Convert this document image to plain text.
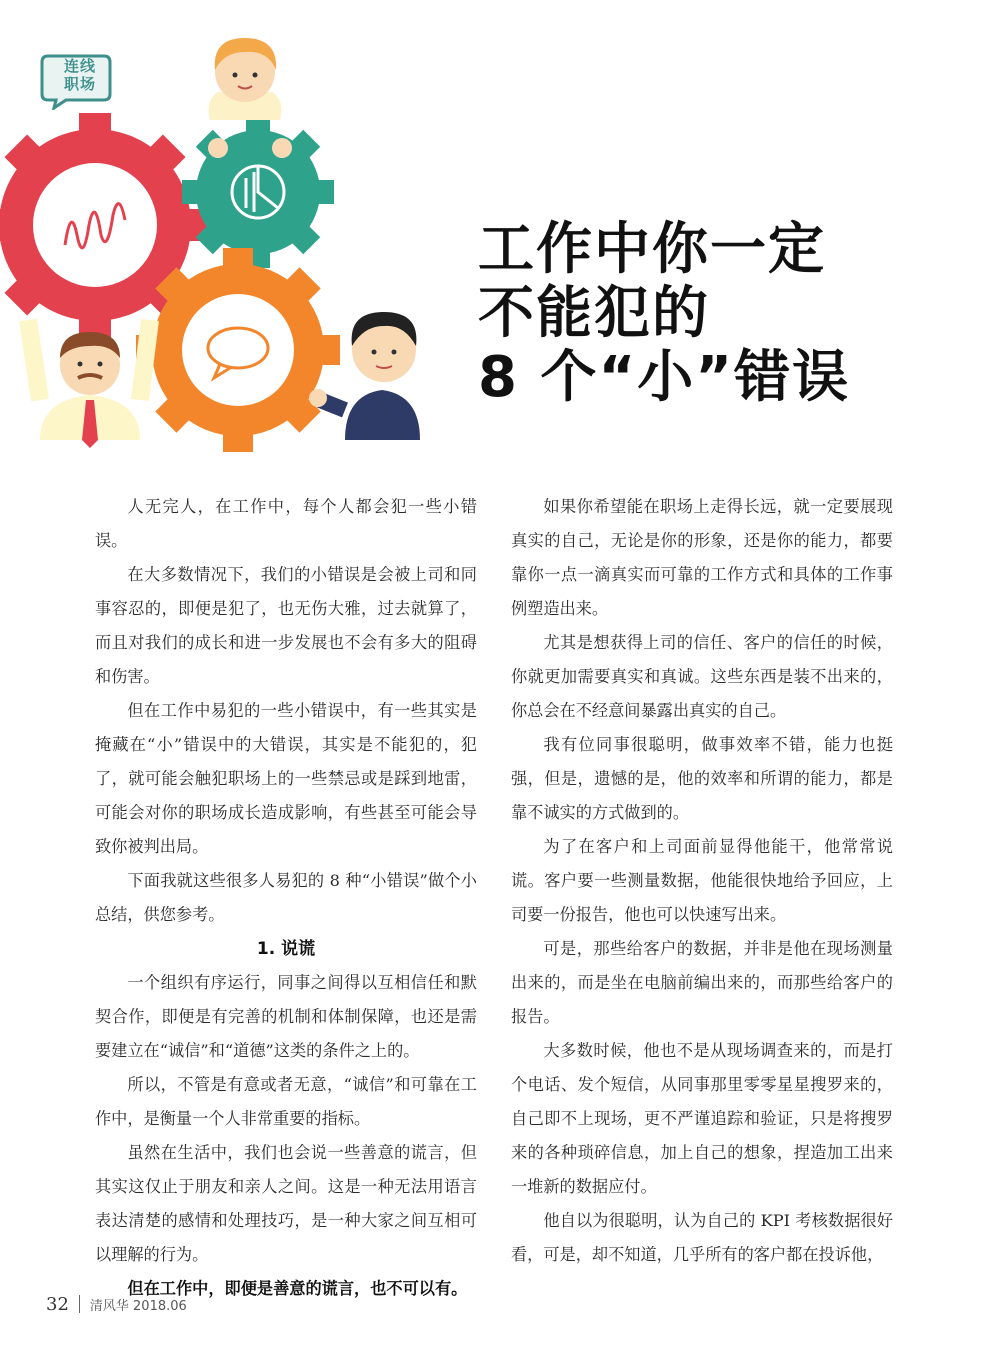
连线
职场
工作中你一定
不能犯的
8 个“小”错误

人无完人，在工作中，每个人都会犯一些小错误。

在大多数情况下，我们的小错误是会被上司和同事容忍的，即便是犯了，也无伤大雅，过去就算了，而且对我们的成长和进一步发展也不会有多大的阻碍和伤害。

但在工作中易犯的一些小错误中，有一些其实是掩藏在“小”错误中的大错误，其实是不能犯的，犯了，就可能会触犯职场上的一些禁忌或是踩到地雷，可能会对你的职场成长造成影响，有些甚至可能会导致你被判出局。

下面我就这些很多人易犯的 8 种“小错误”做个小总结，供您参考。

1. 说谎

一个组织有序运行，同事之间得以互相信任和默契合作，即便是有完善的机制和体制保障，也还是需要建立在“诚信”和“道德”这类的条件之上的。

所以，不管是有意或者无意，“诚信”和可靠在工作中，是衡量一个人非常重要的指标。

虽然在生活中，我们也会说一些善意的谎言，但其实这仅止于朋友和亲人之间。这是一种无法用语言表达清楚的感情和处理技巧，是一种大家之间互相可以理解的行为。

但在工作中，即便是善意的谎言，也不可以有。

如果你希望能在职场上走得长远，就一定要展现真实的自己，无论是你的形象，还是你的能力，都要靠你一点一滴真实而可靠的工作方式和具体的工作事例塑造出来。

尤其是想获得上司的信任、客户的信任的时候，你就更加需要真实和真诚。这些东西是装不出来的，你总会在不经意间暴露出真实的自己。

我有位同事很聪明，做事效率不错，能力也挺强，但是，遗憾的是，他的效率和所谓的能力，都是靠不诚实的方式做到的。

为了在客户和上司面前显得他能干，他常常说谎。客户要一些测量数据，他能很快地给予回应，上司要一份报告，他也可以快速写出来。

可是，那些给客户的数据，并非是他在现场测量出来的，而是坐在电脑前编出来的，而那些给客户的报告。

大多数时候，他也不是从现场调查来的，而是打个电话、发个短信，从同事那里零零星星搜罗来的，自己即不上现场，更不严谨追踪和验证，只是将搜罗来的各种琐碎信息，加上自己的想象，捏造加工出来一堆新的数据应付。

他自以为很聪明，认为自己的 KPI 考核数据很好看，可是，却不知道，几乎所有的客户都在投诉他，

32 清风华 2018.06
